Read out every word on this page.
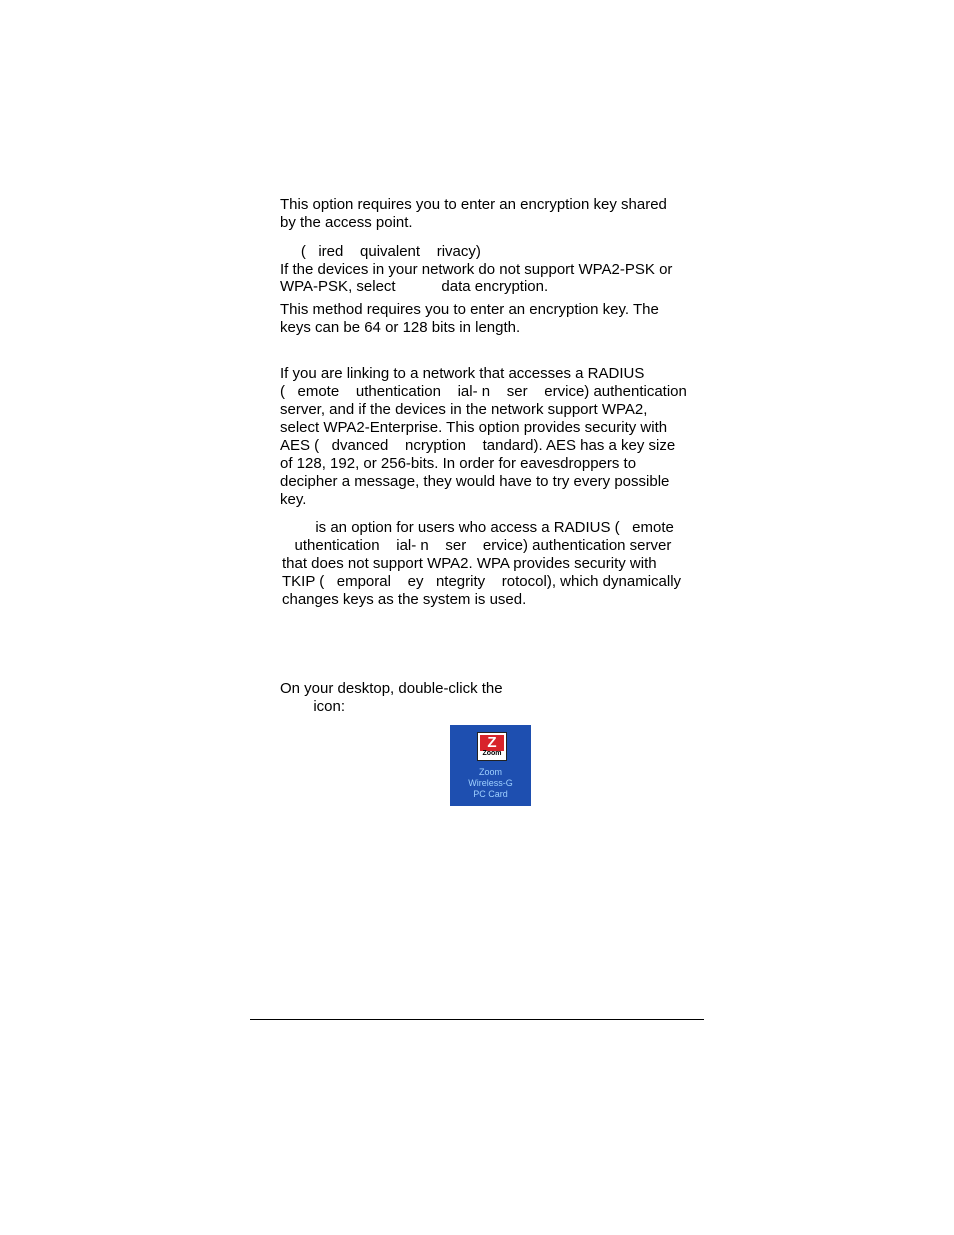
This option requires you to enter an encryption key shared
by the access point.
(   ired    quivalent    rivacy)
If the devices in your network do not support WPA2-PSK or
WPA-PSK, select           data encryption.
This method requires you to enter an encryption key. The
keys can be 64 or 128 bits in length.
If you are linking to a network that accesses a RADIUS
(   emote    uthentication    ial- n    ser    ervice) authentication
server, and if the devices in the network support WPA2,
select WPA2-Enterprise. This option provides security with
AES (   dvanced    ncryption    tandard). AES has a key size
of 128, 192, or 256-bits. In order for eavesdroppers to
decipher a message, they would have to try every possible
key.
is an option for users who access a RADIUS (   emote
uthentication    ial- n    ser    ervice) authentication server
that does not support WPA2. WPA provides security with
TKIP (   emporal    ey   ntegrity    rotocol), which dynamically
changes keys as the system is used.
On your desktop, double-click the
icon:
Z
Zoom
Zoom
Wireless-G
PC Card
